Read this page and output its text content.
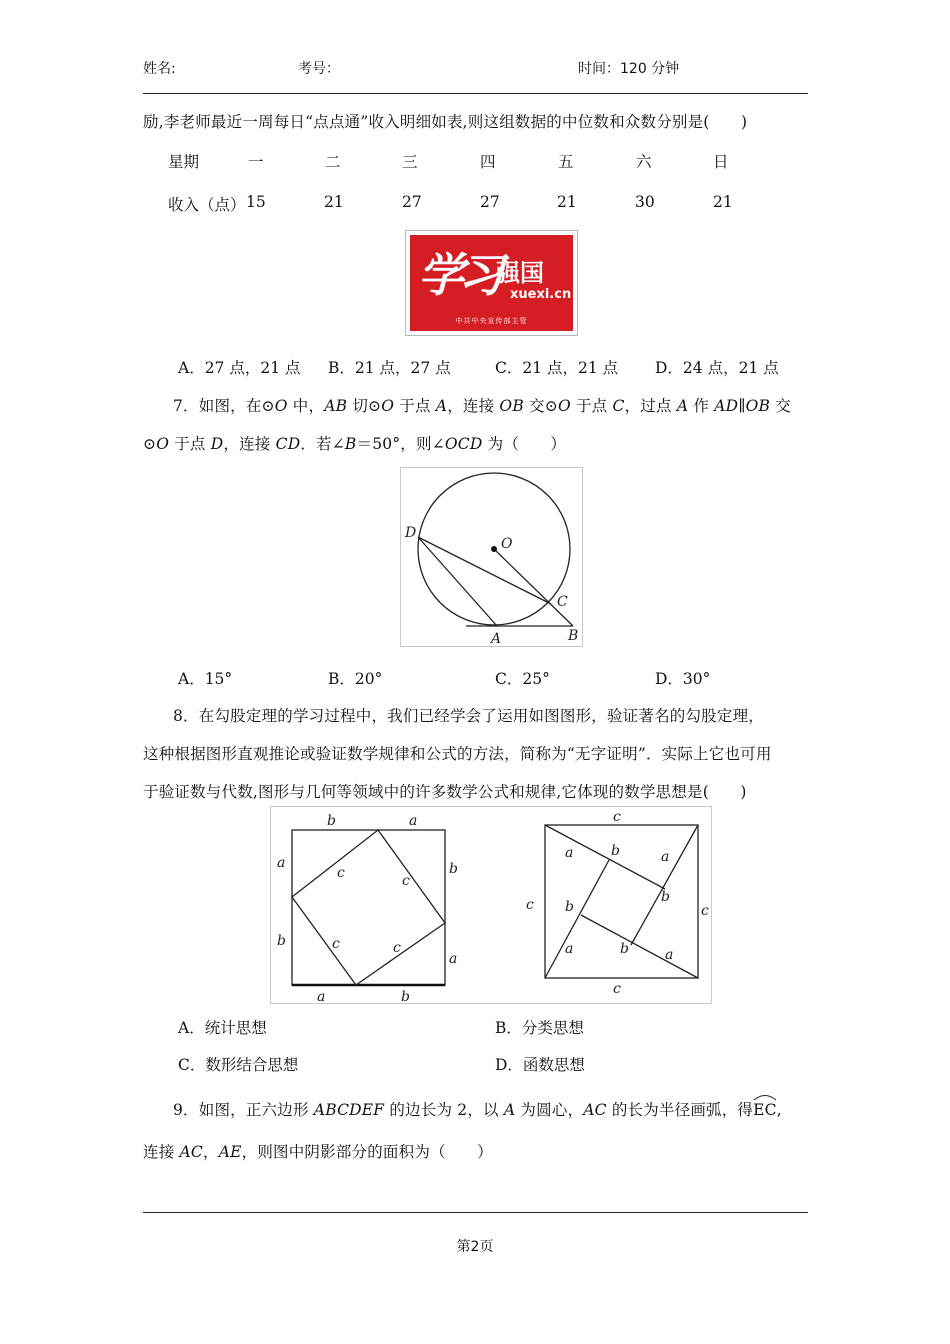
姓名:	考号：	时间：120 分钟
励,李老师最近一周每日“点点通”收入明细如表,则这组数据的中位数和众数分别是(　　)
星期	一	二	三	四	五	六	日
收入（点） 15	21	27	27	21	30	21
学习
强国
xuexi.cn
中共中央宣传部主管
A．27 点，21 点 B．21 点，27 点	C．21 点，21 点 D．24 点，21 点
7．如图，在⊙O 中，AB 切⊙O 于点 A，连接 OB 交⊙O 于点 C，过点 A 作 AD∥OB 交
⊙O 于点 D，连接 CD．若∠B＝50°，则∠OCD 为（　　）
D
O
C
A	B
A．15°	B．20°	C．25°	D．30°
8．在勾股定理的学习过程中，我们已经学会了运用如图图形，验证著名的勾股定理，
这种根据图形直观推论或验证数学规律和公式的方法，简称为“无字证明”．实际上它也可用
于验证数与代数,图形与几何等领域中的许多数学公式和规律,它体现的数学思想是(　　)
b	a
a
b
b
a
a	b
c	c
c	c
c
c
c	c
a	b	a
b
b
a	b	a
A．统计思想	B．分类思想
C．数形结合思想	D．函数思想
9．如图，正六边形 ABCDEF 的边长为 2，以 A 为圆心，AC 的长为半径画弧，得
EC,
连接 AC，AE，则图中阴影部分的面积为（　　）
第2页
